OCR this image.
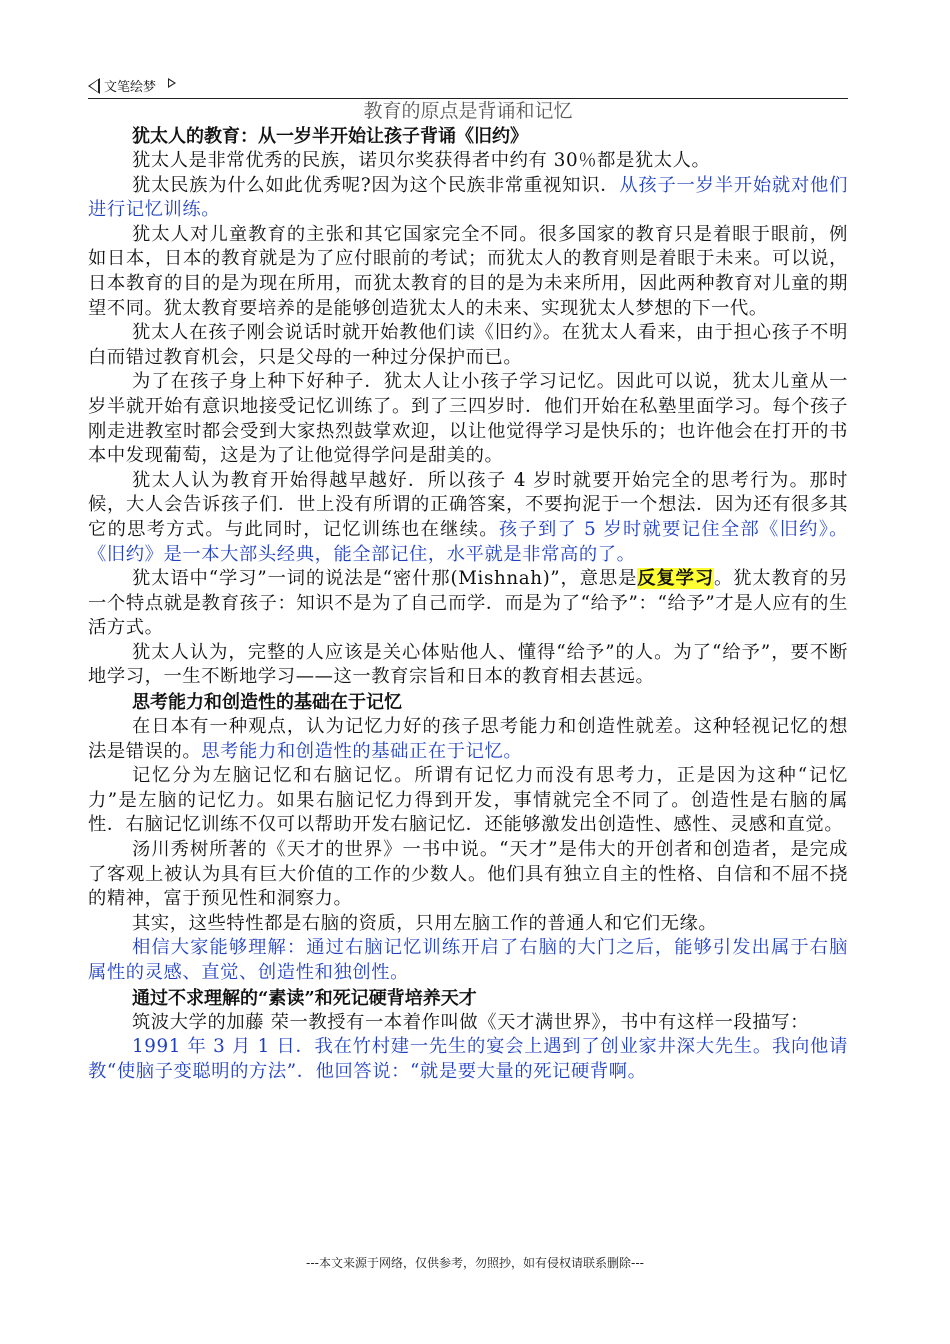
文笔绘梦
教育的原点是背诵和记忆
犹太人的教育：从一岁半开始让孩子背诵《旧约》

犹太人是非常优秀的民族，诺贝尔奖获得者中约有 30％都是犹太人。

犹太民族为什么如此优秀呢?因为这个民族非常重视知识．从孩子一岁半开始就对他们进行记忆训练。

犹太人对儿童教育的主张和其它国家完全不同。很多国家的教育只是着眼于眼前，例如日本，日本的教育就是为了应付眼前的考试；而犹太人的教育则是着眼于未来。可以说，日本教育的目的是为现在所用，而犹太教育的目的是为未来所用，因此两种教育对儿童的期望不同。犹太教育要培养的是能够创造犹太人的未来、实现犹太人梦想的下一代。

犹太人在孩子刚会说话时就开始教他们读《旧约》。在犹太人看来，由于担心孩子不明白而错过教育机会，只是父母的一种过分保护而已。

为了在孩子身上种下好种子．犹太人让小孩子学习记忆。因此可以说，犹太儿童从一岁半就开始有意识地接受记忆训练了。到了三四岁时．他们开始在私塾里面学习。每个孩子刚走进教室时都会受到大家热烈鼓掌欢迎，以让他觉得学习是快乐的；也许他会在打开的书本中发现葡萄，这是为了让他觉得学问是甜美的。

犹太人认为教育开始得越早越好．所以孩子 4 岁时就要开始完全的思考行为。那时候，大人会告诉孩子们．世上没有所谓的正确答案，不要拘泥于一个想法．因为还有很多其它的思考方式。与此同时，记忆训练也在继续。孩子到了 5 岁时就要记住全部《旧约》。《旧约》是一本大部头经典，能全部记住，水平就是非常高的了。

犹太语中“学习”一词的说法是“密什那(Mishnah)”，意思是反复学习。犹太教育的另一个特点就是教育孩子：知识不是为了自己而学．而是为了“给予”：“给予”才是人应有的生活方式。

犹太人认为，完整的人应该是关心体贴他人、懂得“给予”的人。为了“给予”，要不断地学习，一生不断地学习——这一教育宗旨和日本的教育相去甚远。

思考能力和创造性的基础在于记忆

在日本有一种观点，认为记忆力好的孩子思考能力和创造性就差。这种轻视记忆的想法是错误的。思考能力和创造性的基础正在于记忆。

记忆分为左脑记忆和右脑记忆。所谓有记忆力而没有思考力，正是因为这种“记忆力”是左脑的记忆力。如果右脑记忆力得到开发，事情就完全不同了。创造性是右脑的属性．右脑记忆训练不仅可以帮助开发右脑记忆．还能够激发出创造性、感性、灵感和直觉。

汤川秀树所著的《天才的世界》一书中说。“天才”是伟大的开创者和创造者，是完成了客观上被认为具有巨大价值的工作的少数人。他们具有独立自主的性格、自信和不屈不挠的精神，富于预见性和洞察力。

其实，这些特性都是右脑的资质，只用左脑工作的普通人和它们无缘。

相信大家能够理解：通过右脑记忆训练开启了右脑的大门之后，能够引发出属于右脑属性的灵感、直觉、创造性和独创性。

通过不求理解的“素读”和死记硬背培养天才

筑波大学的加藤 荣一教授有一本着作叫做《天才满世界》，书中有这样一段描写：

1991 年 3 月 1 日．我在竹村建一先生的宴会上遇到了创业家井深大先生。我向他请教“使脑子变聪明的方法”．他回答说：“就是要大量的死记硬背啊。

---本文来源于网络，仅供参考，勿照抄，如有侵权请联系删除---
